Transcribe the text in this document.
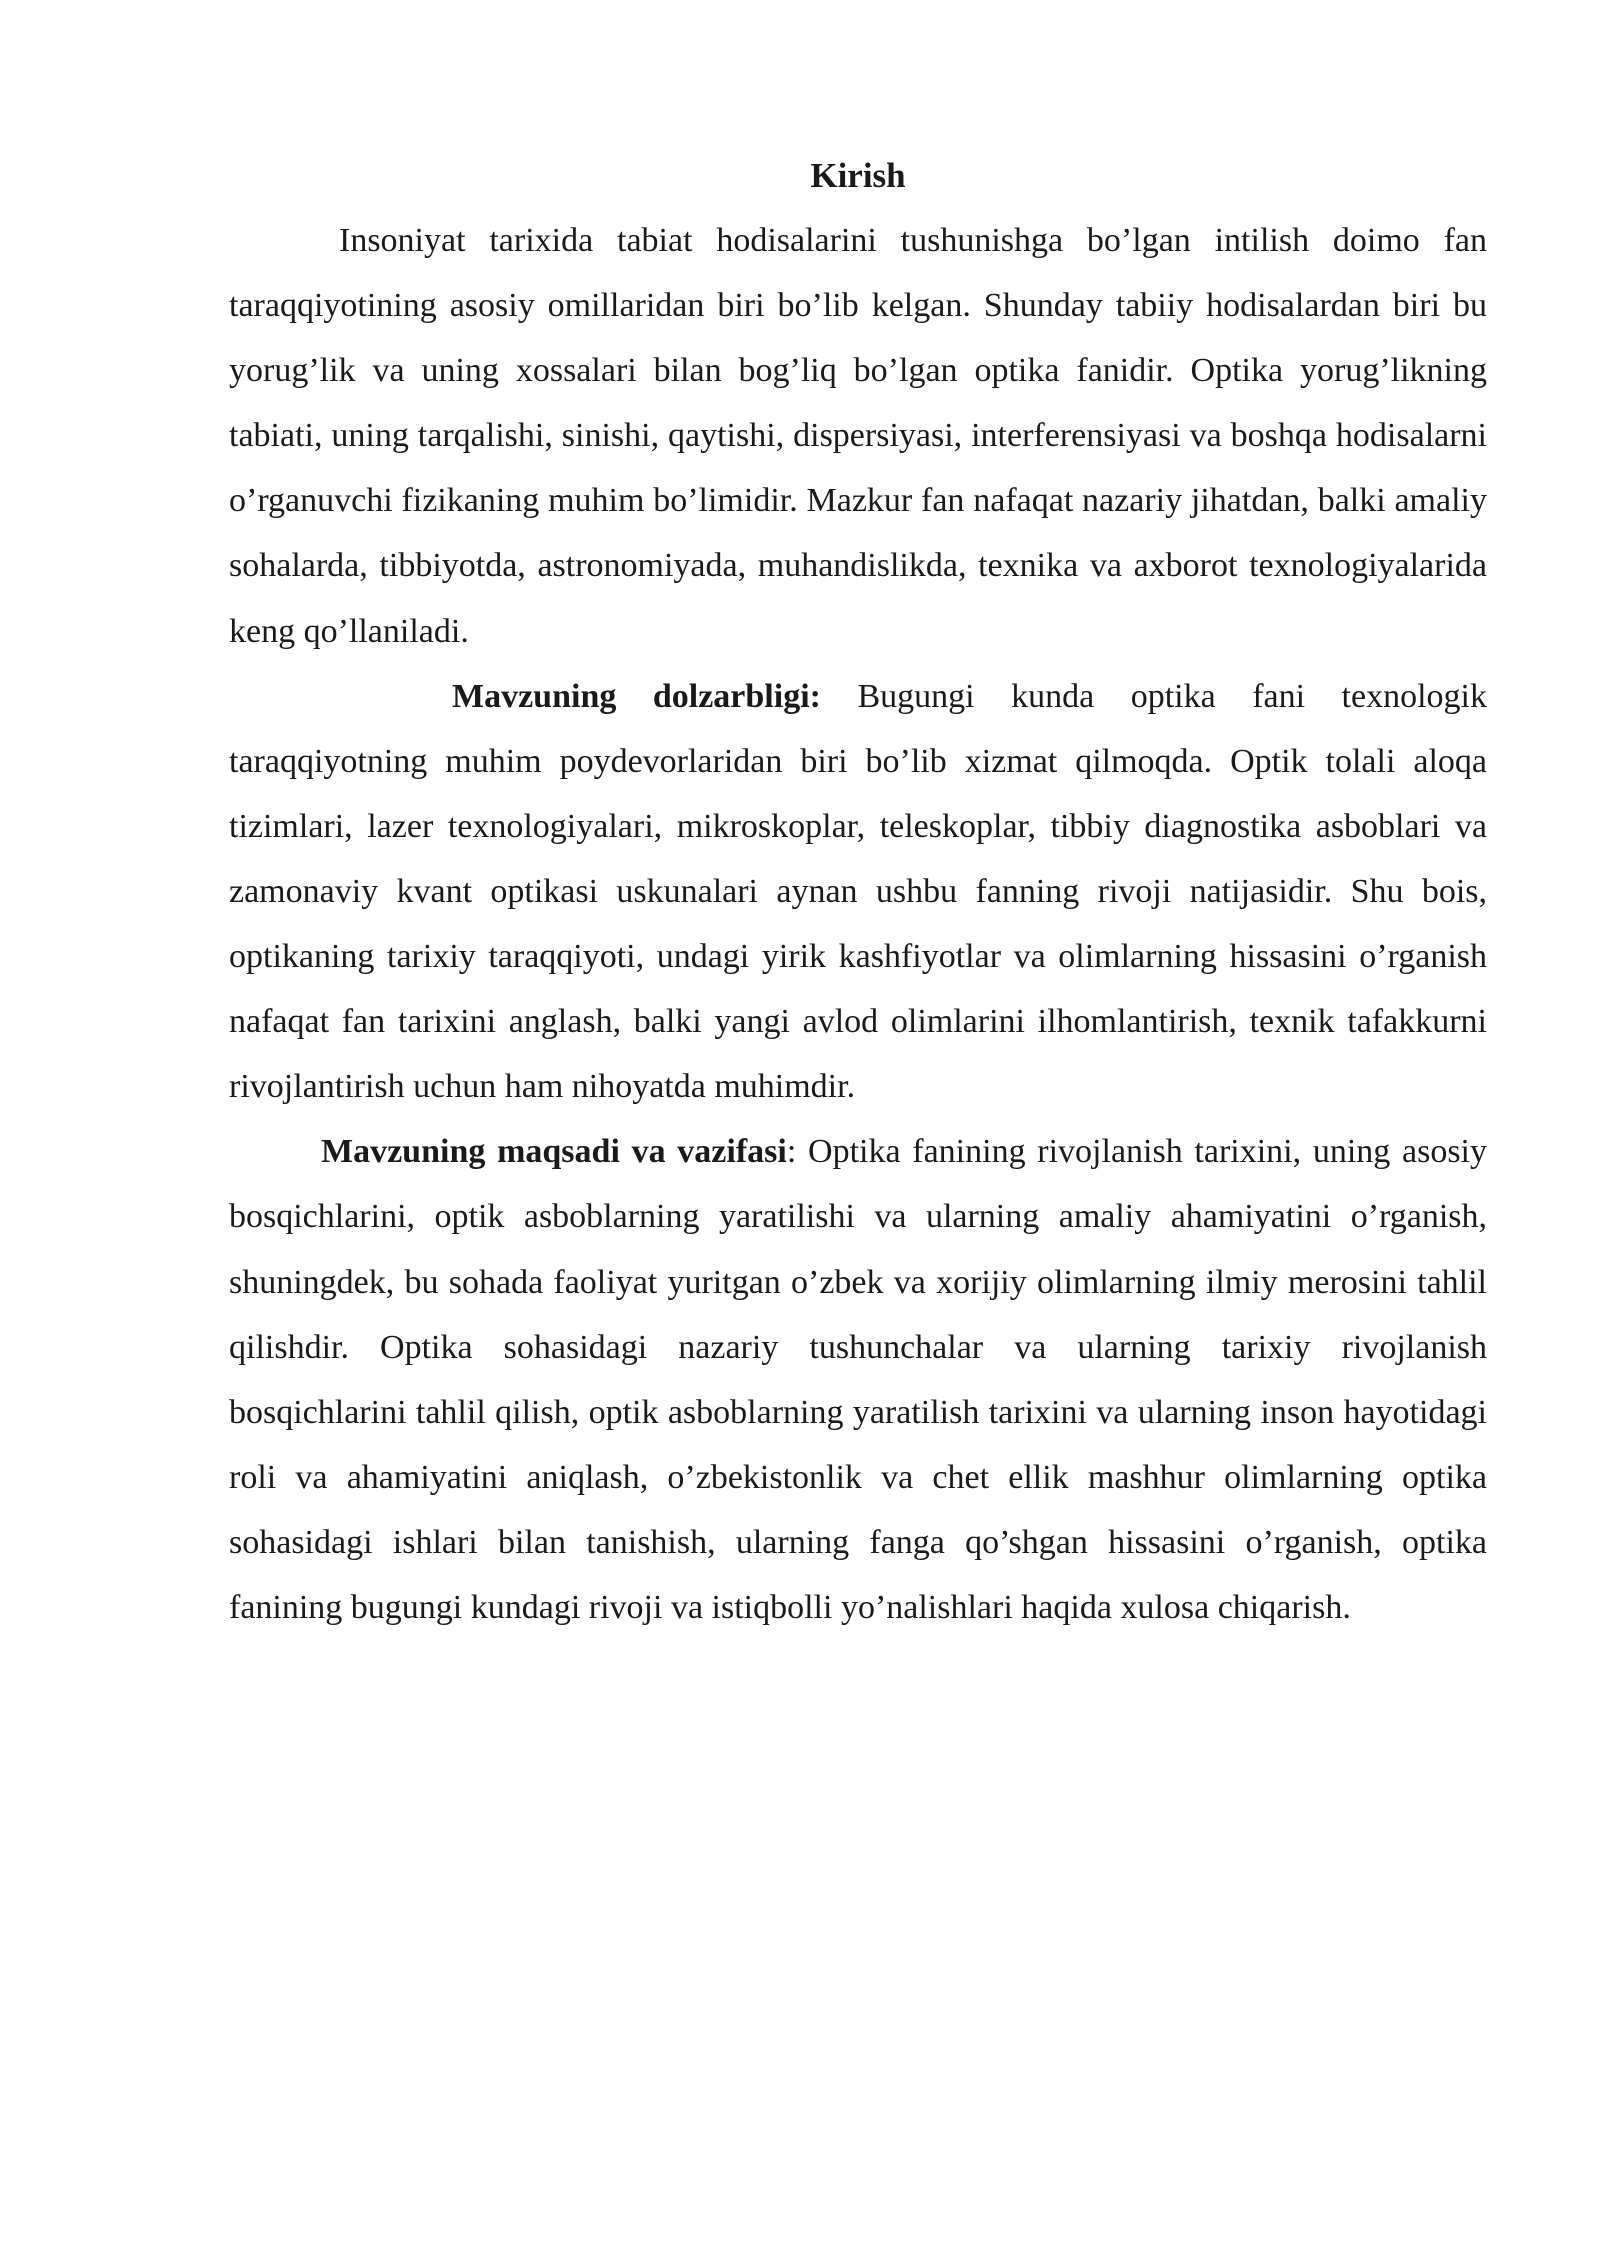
Kirish

Insoniyat tarixida tabiat hodisalarini tushunishga bo’lgan intilish doimo fan taraqqiyotining asosiy omillaridan biri bo’lib kelgan. Shunday tabiiy hodisalardan biri bu yorug’lik va uning xossalari bilan bog’liq bo’lgan optika fanidir. Optika yorug’likning tabiati, uning tarqalishi, sinishi, qaytishi, dispersiyasi, interferensiyasi va boshqa hodisalarni o’rganuvchi fizikaning muhim bo’limidir. Mazkur fan nafaqat nazariy jihatdan, balki amaliy sohalarda, tibbiyotda, astronomiyada, muhandislikda, texnika va axborot texnologiyalarida keng qo’llaniladi.

Mavzuning dolzarbligi: Bugungi kunda optika fani texnologik taraqqiyotning muhim poydevorlaridan biri bo’lib xizmat qilmoqda. Optik tolali aloqa tizimlari, lazer texnologiyalari, mikroskoplar, teleskoplar, tibbiy diagnostika asboblari va zamonaviy kvant optikasi uskunalari aynan ushbu fanning rivoji natijasidir. Shu bois, optikaning tarixiy taraqqiyoti, undagi yirik kashfiyotlar va olimlarning hissasini o’rganish nafaqat fan tarixini anglash, balki yangi avlod olimlarini ilhomlantirish, texnik tafakkurni rivojlantirish uchun ham nihoyatda muhimdir.

Mavzuning maqsadi va vazifasi: Optika fanining rivojlanish tarixini, uning asosiy bosqichlarini, optik asboblarning yaratilishi va ularning amaliy ahamiyatini o’rganish, shuningdek, bu sohada faoliyat yuritgan o’zbek va xorijiy olimlarning ilmiy merosini tahlil qilishdir. Optika sohasidagi nazariy tushunchalar va ularning tarixiy rivojlanish bosqichlarini tahlil qilish, optik asboblarning yaratilish tarixini va ularning inson hayotidagi roli va ahamiyatini aniqlash, o’zbekistonlik va chet ellik mashhur olimlarning optika sohasidagi ishlari bilan tanishish, ularning fanga qo’shgan hissasini o’rganish, optika fanining bugungi kundagi rivoji va istiqbolli yo’nalishlari haqida xulosa chiqarish.
